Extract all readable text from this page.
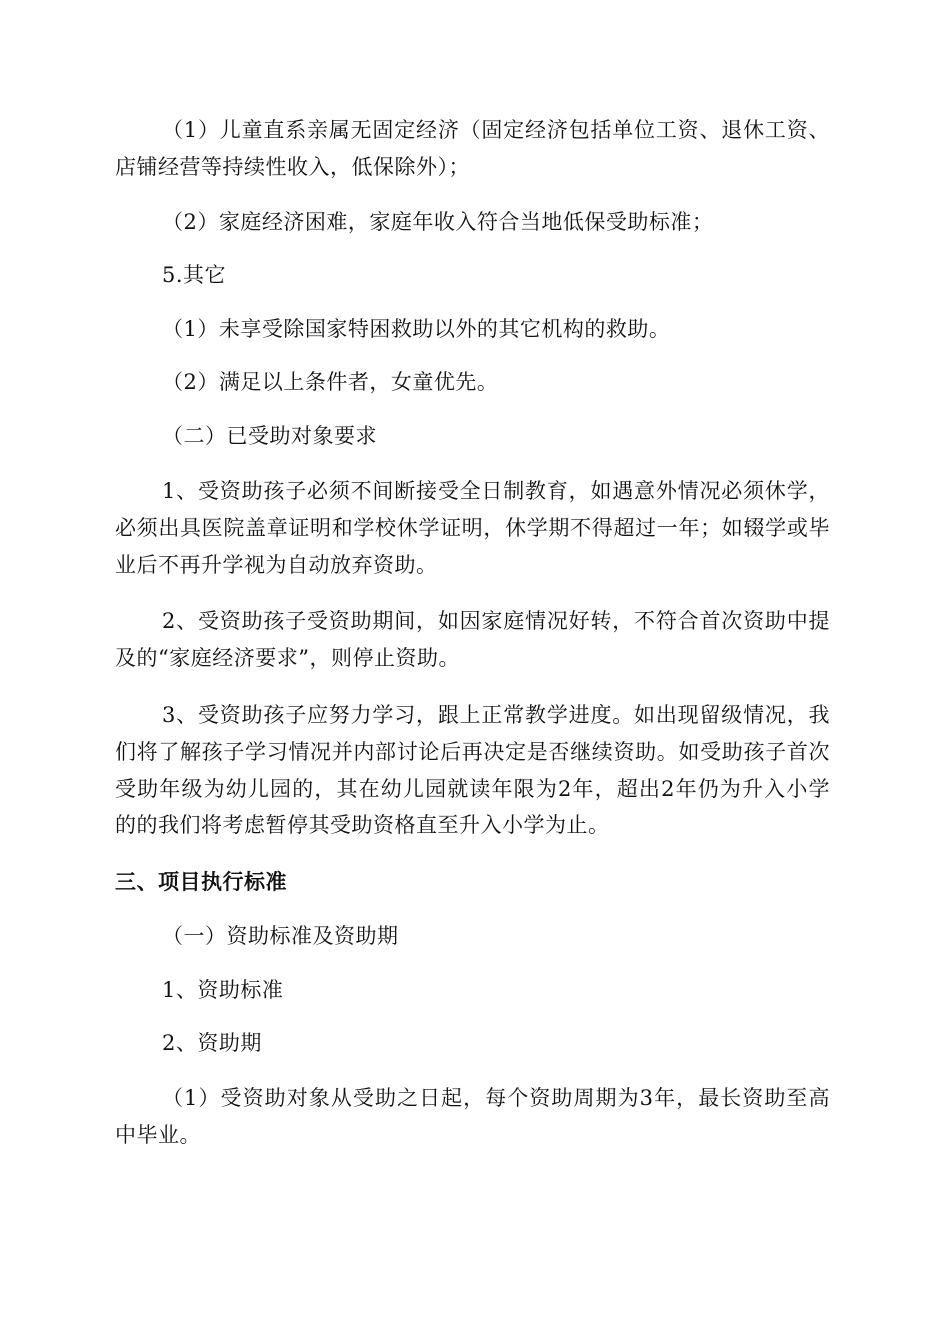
（1）儿童直系亲属无固定经济（固定经济包括单位工资、退休工资、店铺经营等持续性收入，低保除外）；
（2）家庭经济困难，家庭年收入符合当地低保受助标准；
5.其它
（1）未享受除国家特困救助以外的其它机构的救助。
（2）满足以上条件者，女童优先。
（二）已受助对象要求
1、受资助孩子必须不间断接受全日制教育，如遇意外情况必须休学，必须出具医院盖章证明和学校休学证明，休学期不得超过一年；如辍学或毕业后不再升学视为自动放弃资助。
2、受资助孩子受资助期间，如因家庭情况好转，不符合首次资助中提及的“家庭经济要求”，则停止资助。
3、受资助孩子应努力学习，跟上正常教学进度。如出现留级情况，我们将了解孩子学习情况并内部讨论后再决定是否继续资助。如受助孩子首次受助年级为幼儿园的，其在幼儿园就读年限为2年，超出2年仍为升入小学的的我们将考虑暂停其受助资格直至升入小学为止。
三、项目执行标准
（一）资助标准及资助期
1、资助标准
2、资助期
（1）受资助对象从受助之日起，每个资助周期为3年，最长资助至高中毕业。
